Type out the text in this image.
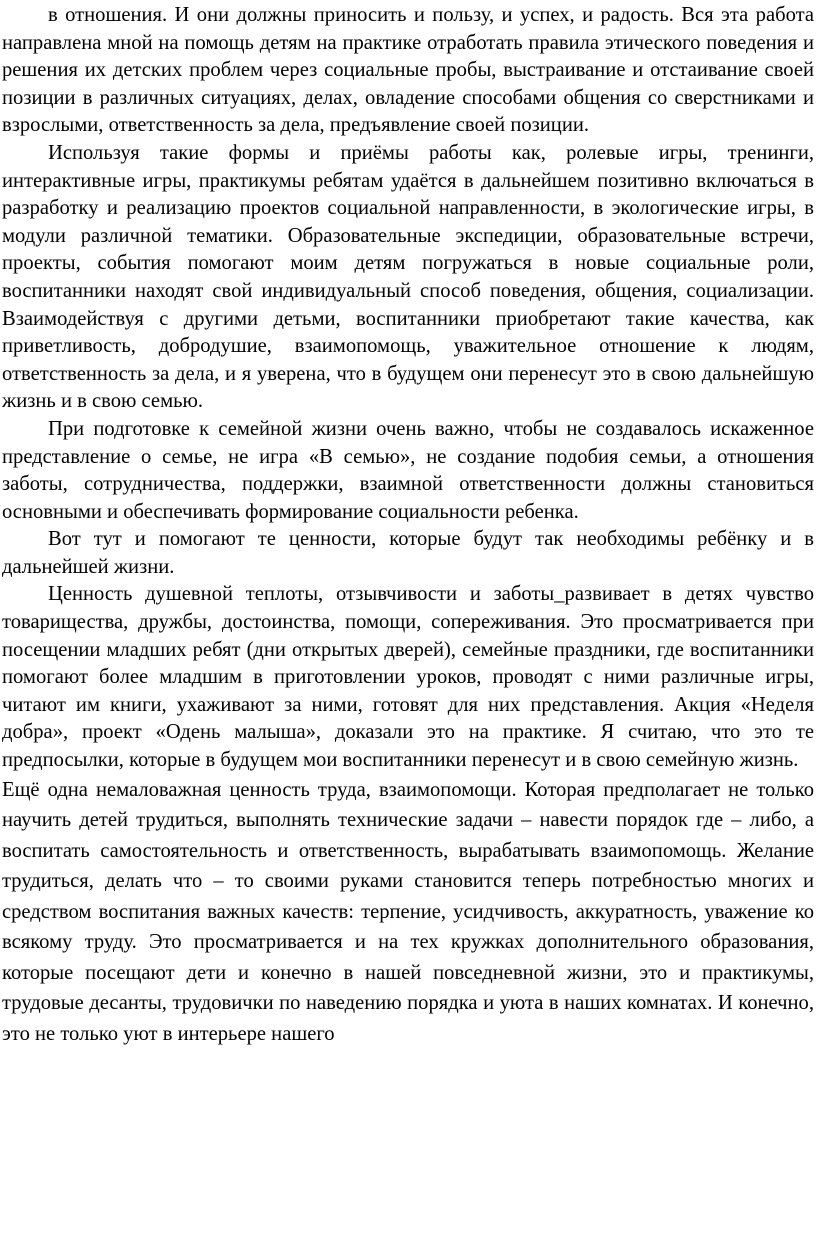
в отношения. И они должны приносить и пользу, и успех, и радость. Вся эта работа направлена мной на помощь детям на практике отработать правила этического поведения и решения их детских проблем через социальные пробы, выстраивание и отстаивание своей позиции в различных ситуациях, делах, овладение способами общения со сверстниками и взрослыми, ответственность за дела, предъявление своей позиции.

Используя такие формы и приёмы работы как, ролевые игры, тренинги, интерактивные игры, практикумы ребятам удаётся в дальнейшем позитивно включаться в разработку и реализацию проектов социальной направленности, в экологические игры, в модули различной тематики. Образовательные экспедиции, образовательные встречи, проекты, события помогают моим детям погружаться в новые социальные роли, воспитанники находят свой индивидуальный способ поведения, общения, социализации. Взаимодействуя с другими детьми, воспитанники приобретают такие качества, как приветливость, добродушие, взаимопомощь, уважительное отношение к людям, ответственность за дела, и я уверена, что в будущем они перенесут это в свою дальнейшую жизнь и в свою семью.

При подготовке к семейной жизни очень важно, чтобы не создавалось искаженное представление о семье, не игра «В семью», не создание подобия семьи, а отношения заботы, сотрудничества, поддержки, взаимной ответственности должны становиться основными и обеспечивать формирование социальности ребенка.

Вот тут и помогают те ценности, которые будут так необходимы ребёнку и в дальнейшей жизни.

Ценность душевной теплоты, отзывчивости и заботы_развивает в детях чувство товарищества, дружбы, достоинства, помощи, сопереживания. Это просматривается при посещении младших ребят (дни открытых дверей), семейные праздники, где воспитанники помогают более младшим в приготовлении уроков, проводят с ними различные игры, читают им книги, ухаживают за ними, готовят для них представления. Акция «Неделя добра», проект «Одень малыша», доказали это на практике. Я считаю, что это те предпосылки, которые в будущем мои воспитанники перенесут и в свою семейную жизнь.

Ещё одна немаловажная ценность труда, взаимопомощи. Которая предполагает не только научить детей трудиться, выполнять технические задачи – навести порядок где – либо, а воспитать самостоятельность и ответственность, вырабатывать взаимопомощь. Желание трудиться, делать что – то своими руками становится теперь потребностью многих и средством воспитания важных качеств: терпение, усидчивость, аккуратность, уважение ко всякому труду. Это просматривается и на тех кружках дополнительного образования, которые посещают дети и конечно в нашей повседневной жизни, это и практикумы, трудовые десанты, трудовички по наведению порядка и уюта в наших комнатах. И конечно, это не только уют в интерьере нашего
